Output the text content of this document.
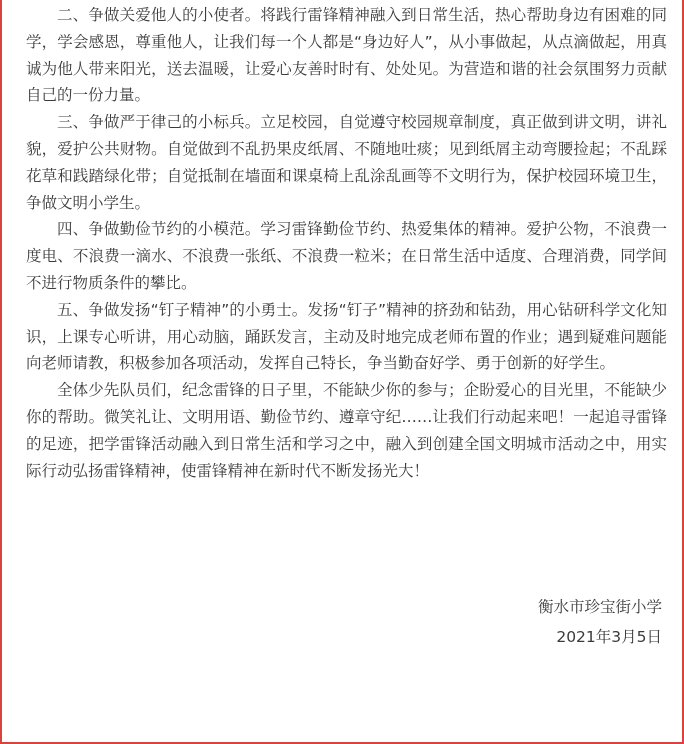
二、争做关爱他人的小使者。将践行雷锋精神融入到日常生活，热心帮助身边有困难的同学，学会感恩，尊重他人，让我们每一个人都是“身边好人”，从小事做起，从点滴做起，用真诚为他人带来阳光，送去温暖，让爱心友善时时有、处处见。为营造和谐的社会氛围努力贡献自己的一份力量。

三、争做严于律己的小标兵。立足校园，自觉遵守校园规章制度，真正做到讲文明，讲礼貌，爱护公共财物。自觉做到不乱扔果皮纸屑、不随地吐痰；见到纸屑主动弯腰捡起；不乱踩花草和践踏绿化带；自觉抵制在墙面和课桌椅上乱涂乱画等不文明行为，保护校园环境卫生，争做文明小学生。

四、争做勤俭节约的小模范。学习雷锋勤俭节约、热爱集体的精神。爱护公物，不浪费一度电、不浪费一滴水、不浪费一张纸、不浪费一粒米；在日常生活中适度、合理消费，同学间不进行物质条件的攀比。

五、争做发扬“钉子精神”的小勇士。发扬“钉子”精神的挤劲和钻劲，用心钻研科学文化知识，上课专心听讲，用心动脑，踊跃发言，主动及时地完成老师布置的作业；遇到疑难问题能向老师请教，积极参加各项活动，发挥自己特长，争当勤奋好学、勇于创新的好学生。

全体少先队员们，纪念雷锋的日子里，不能缺少你的参与；企盼爱心的目光里，不能缺少你的帮助。微笑礼让、文明用语、勤俭节约、遵章守纪……让我们行动起来吧！一起追寻雷锋的足迹，把学雷锋活动融入到日常生活和学习之中，融入到创建全国文明城市活动之中，用实际行动弘扬雷锋精神，使雷锋精神在新时代不断发扬光大！

衡水市珍宝街小学
2021年3月5日
